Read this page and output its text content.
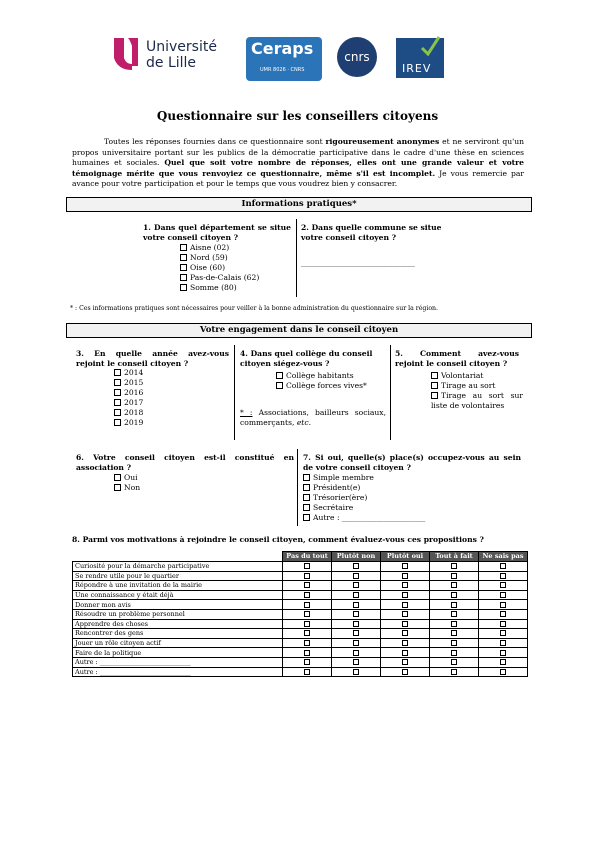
Université
de Lille
Ceraps
UMR 8026 · CNRS
cnrs
IREV
Questionnaire sur les conseillers citoyens
Toutes les réponses fournies dans ce questionnaire sont rigoureusement anonymes et ne serviront qu'un propos universitaire portant sur les publics de la démocratie participative dans le cadre d'une thèse en sciences humaines et sociales. Quel que soit votre nombre de réponses, elles ont une grande valeur et votre témoignage mérite que vous renvoyiez ce questionnaire, même s'il est incomplet. Je vous remercie par avance pour votre participation et pour le temps que vous voudrez bien y consacrer.
Informations pratiques*
1. Dans quel département se situe votre conseil citoyen ?
Aisne (02)
Nord (59)
Oise (60)
Pas-de-Calais (62)
Somme (80)
2. Dans quelle commune se situe votre conseil citoyen ?
______________________________
* : Ces informations pratiques sont nécessaires pour veiller à la bonne administration du questionnaire sur la région.
Votre engagement dans le conseil citoyen
3. En quelle année avez-vous rejoint le conseil citoyen ?
2014
2015
2016
2017
2018
2019
4. Dans quel collège du conseil citoyen siégez-vous ?
Collège habitants
Collège forces vives*
* : Associations, bailleurs sociaux, commerçants, etc.
5. Comment avez-vous rejoint le conseil citoyen ?
Volontariat
Tirage au sort
Tirage au sort sur liste de volontaires
6. Votre conseil citoyen est-il constitué en association ?
Oui
Non
7. Si oui, quelle(s) place(s) occupez-vous au sein de votre conseil citoyen ?
Simple membre
Président(e)
Trésorier(ère)
Secrétaire
Autre : ______________________
8. Parmi vos motivations à rejoindre le conseil citoyen, comment évaluez-vous ces propositions ?
	Pas du tout	Plutôt non	Plutôt oui	Tout à fait	Ne sais pas
Curiosité pour la démarche participative					
Se rendre utile pour le quartier					
Répondre à une invitation de la mairie					
Une connaissance y était déjà					
Donner mon avis					
Résoudre un problème personnel					
Apprendre des choses					
Rencontrer des gens					
Jouer un rôle citoyen actif					
Faire de la politique					
Autre : ____________________________					
Autre : ____________________________					
